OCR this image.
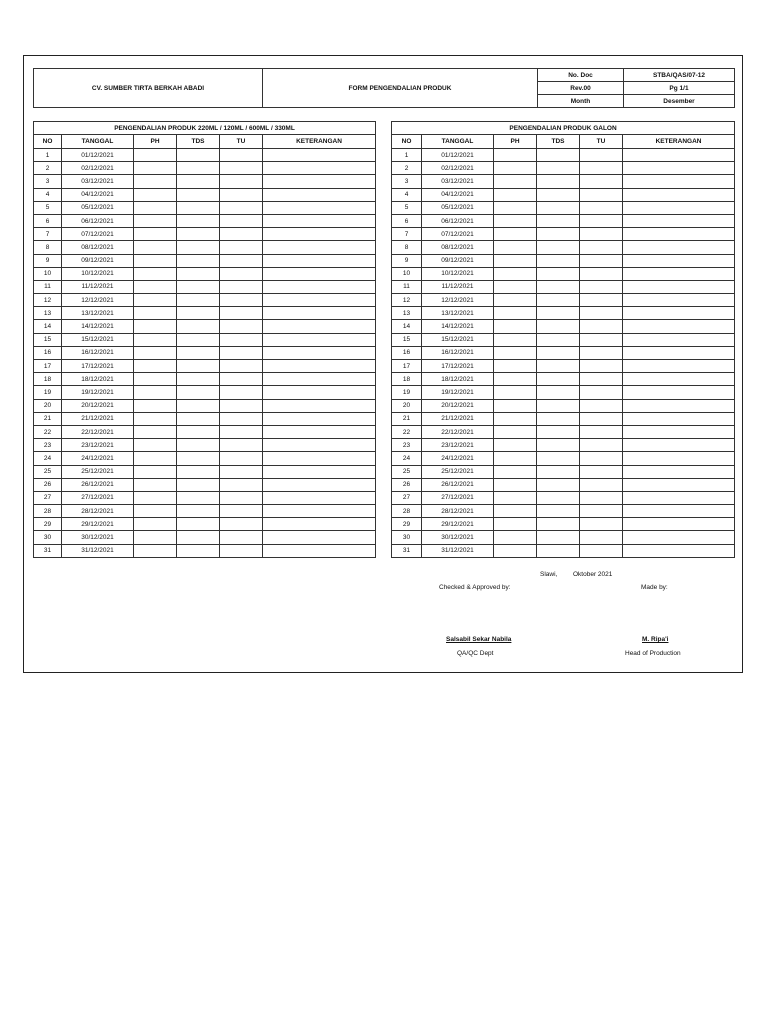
CV. SUMBER TIRTA BERKAH ABADI	FORM PENGENDALIAN PRODUK	No. Doc	STBA/QAS/07-12
		Rev.00	Pg 1/1
		Month	Desember
PENGENDALIAN PRODUK 220ML / 120ML / 600ML / 330ML					
NO	TANGGAL	PH	TDS	TU	KETERANGAN
1	01/12/2021				
2	02/12/2021				
3	03/12/2021				
4	04/12/2021				
5	05/12/2021				
6	06/12/2021				
7	07/12/2021				
8	08/12/2021				
9	09/12/2021				
10	10/12/2021				
11	11/12/2021				
12	12/12/2021				
13	13/12/2021				
14	14/12/2021				
15	15/12/2021				
16	16/12/2021				
17	17/12/2021				
18	18/12/2021				
19	19/12/2021				
20	20/12/2021				
21	21/12/2021				
22	22/12/2021				
23	23/12/2021				
24	24/12/2021				
25	25/12/2021				
26	26/12/2021				
27	27/12/2021				
28	28/12/2021				
29	29/12/2021				
30	30/12/2021				
31	31/12/2021				
PENGENDALIAN PRODUK GALON					
NO	TANGGAL	PH	TDS	TU	KETERANGAN
1	01/12/2021				
2	02/12/2021				
3	03/12/2021				
4	04/12/2021				
5	05/12/2021				
6	06/12/2021				
7	07/12/2021				
8	08/12/2021				
9	09/12/2021				
10	10/12/2021				
11	11/12/2021				
12	12/12/2021				
13	13/12/2021				
14	14/12/2021				
15	15/12/2021				
16	16/12/2021				
17	17/12/2021				
18	18/12/2021				
19	19/12/2021				
20	20/12/2021				
21	21/12/2021				
22	22/12/2021				
23	23/12/2021				
24	24/12/2021				
25	25/12/2021				
26	26/12/2021				
27	27/12/2021				
28	28/12/2021				
29	29/12/2021				
30	30/12/2021				
31	31/12/2021				
Slawi, Oktober 2021
Checked & Approved by:	Made by:
Salsabil Sekar Nabila
QA/QC Dept
M. Ripa'i
Head of Production
